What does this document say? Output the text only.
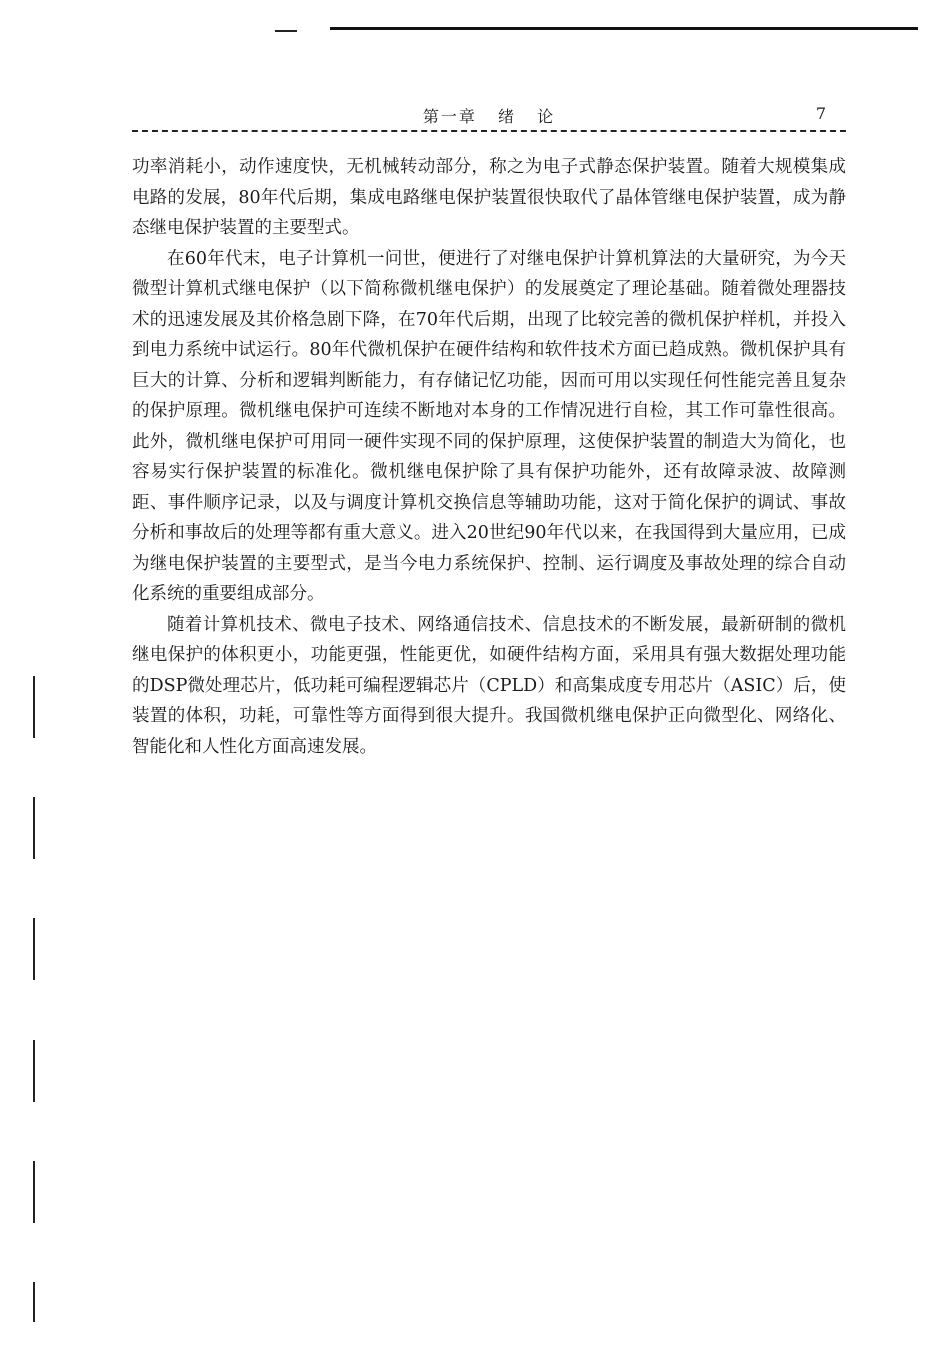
第一章 绪 论	7

功率消耗小，动作速度快，无机械转动部分，称之为电子式静态保护装置。随着大规模集成电路的发展，80年代后期，集成电路继电保护装置很快取代了晶体管继电保护装置，成为静态继电保护装置的主要型式。

在60年代末，电子计算机一问世，便进行了对继电保护计算机算法的大量研究，为今天微型计算机式继电保护（以下简称微机继电保护）的发展奠定了理论基础。随着微处理器技术的迅速发展及其价格急剧下降，在70年代后期，出现了比较完善的微机保护样机，并投入到电力系统中试运行。80年代微机保护在硬件结构和软件技术方面已趋成熟。微机保护具有巨大的计算、分析和逻辑判断能力，有存储记忆功能，因而可用以实现任何性能完善且复杂的保护原理。微机继电保护可连续不断地对本身的工作情况进行自检，其工作可靠性很高。此外，微机继电保护可用同一硬件实现不同的保护原理，这使保护装置的制造大为简化，也容易实行保护装置的标准化。微机继电保护除了具有保护功能外，还有故障录波、故障测距、事件顺序记录，以及与调度计算机交换信息等辅助功能，这对于简化保护的调试、事故分析和事故后的处理等都有重大意义。进入20世纪90年代以来，在我国得到大量应用，已成为继电保护装置的主要型式，是当今电力系统保护、控制、运行调度及事故处理的综合自动化系统的重要组成部分。

随着计算机技术、微电子技术、网络通信技术、信息技术的不断发展，最新研制的微机继电保护的体积更小，功能更强，性能更优，如硬件结构方面，采用具有强大数据处理功能的DSP微处理芯片，低功耗可编程逻辑芯片（CPLD）和高集成度专用芯片（ASIC）后，使装置的体积，功耗，可靠性等方面得到很大提升。我国微机继电保护正向微型化、网络化、智能化和人性化方面高速发展。
